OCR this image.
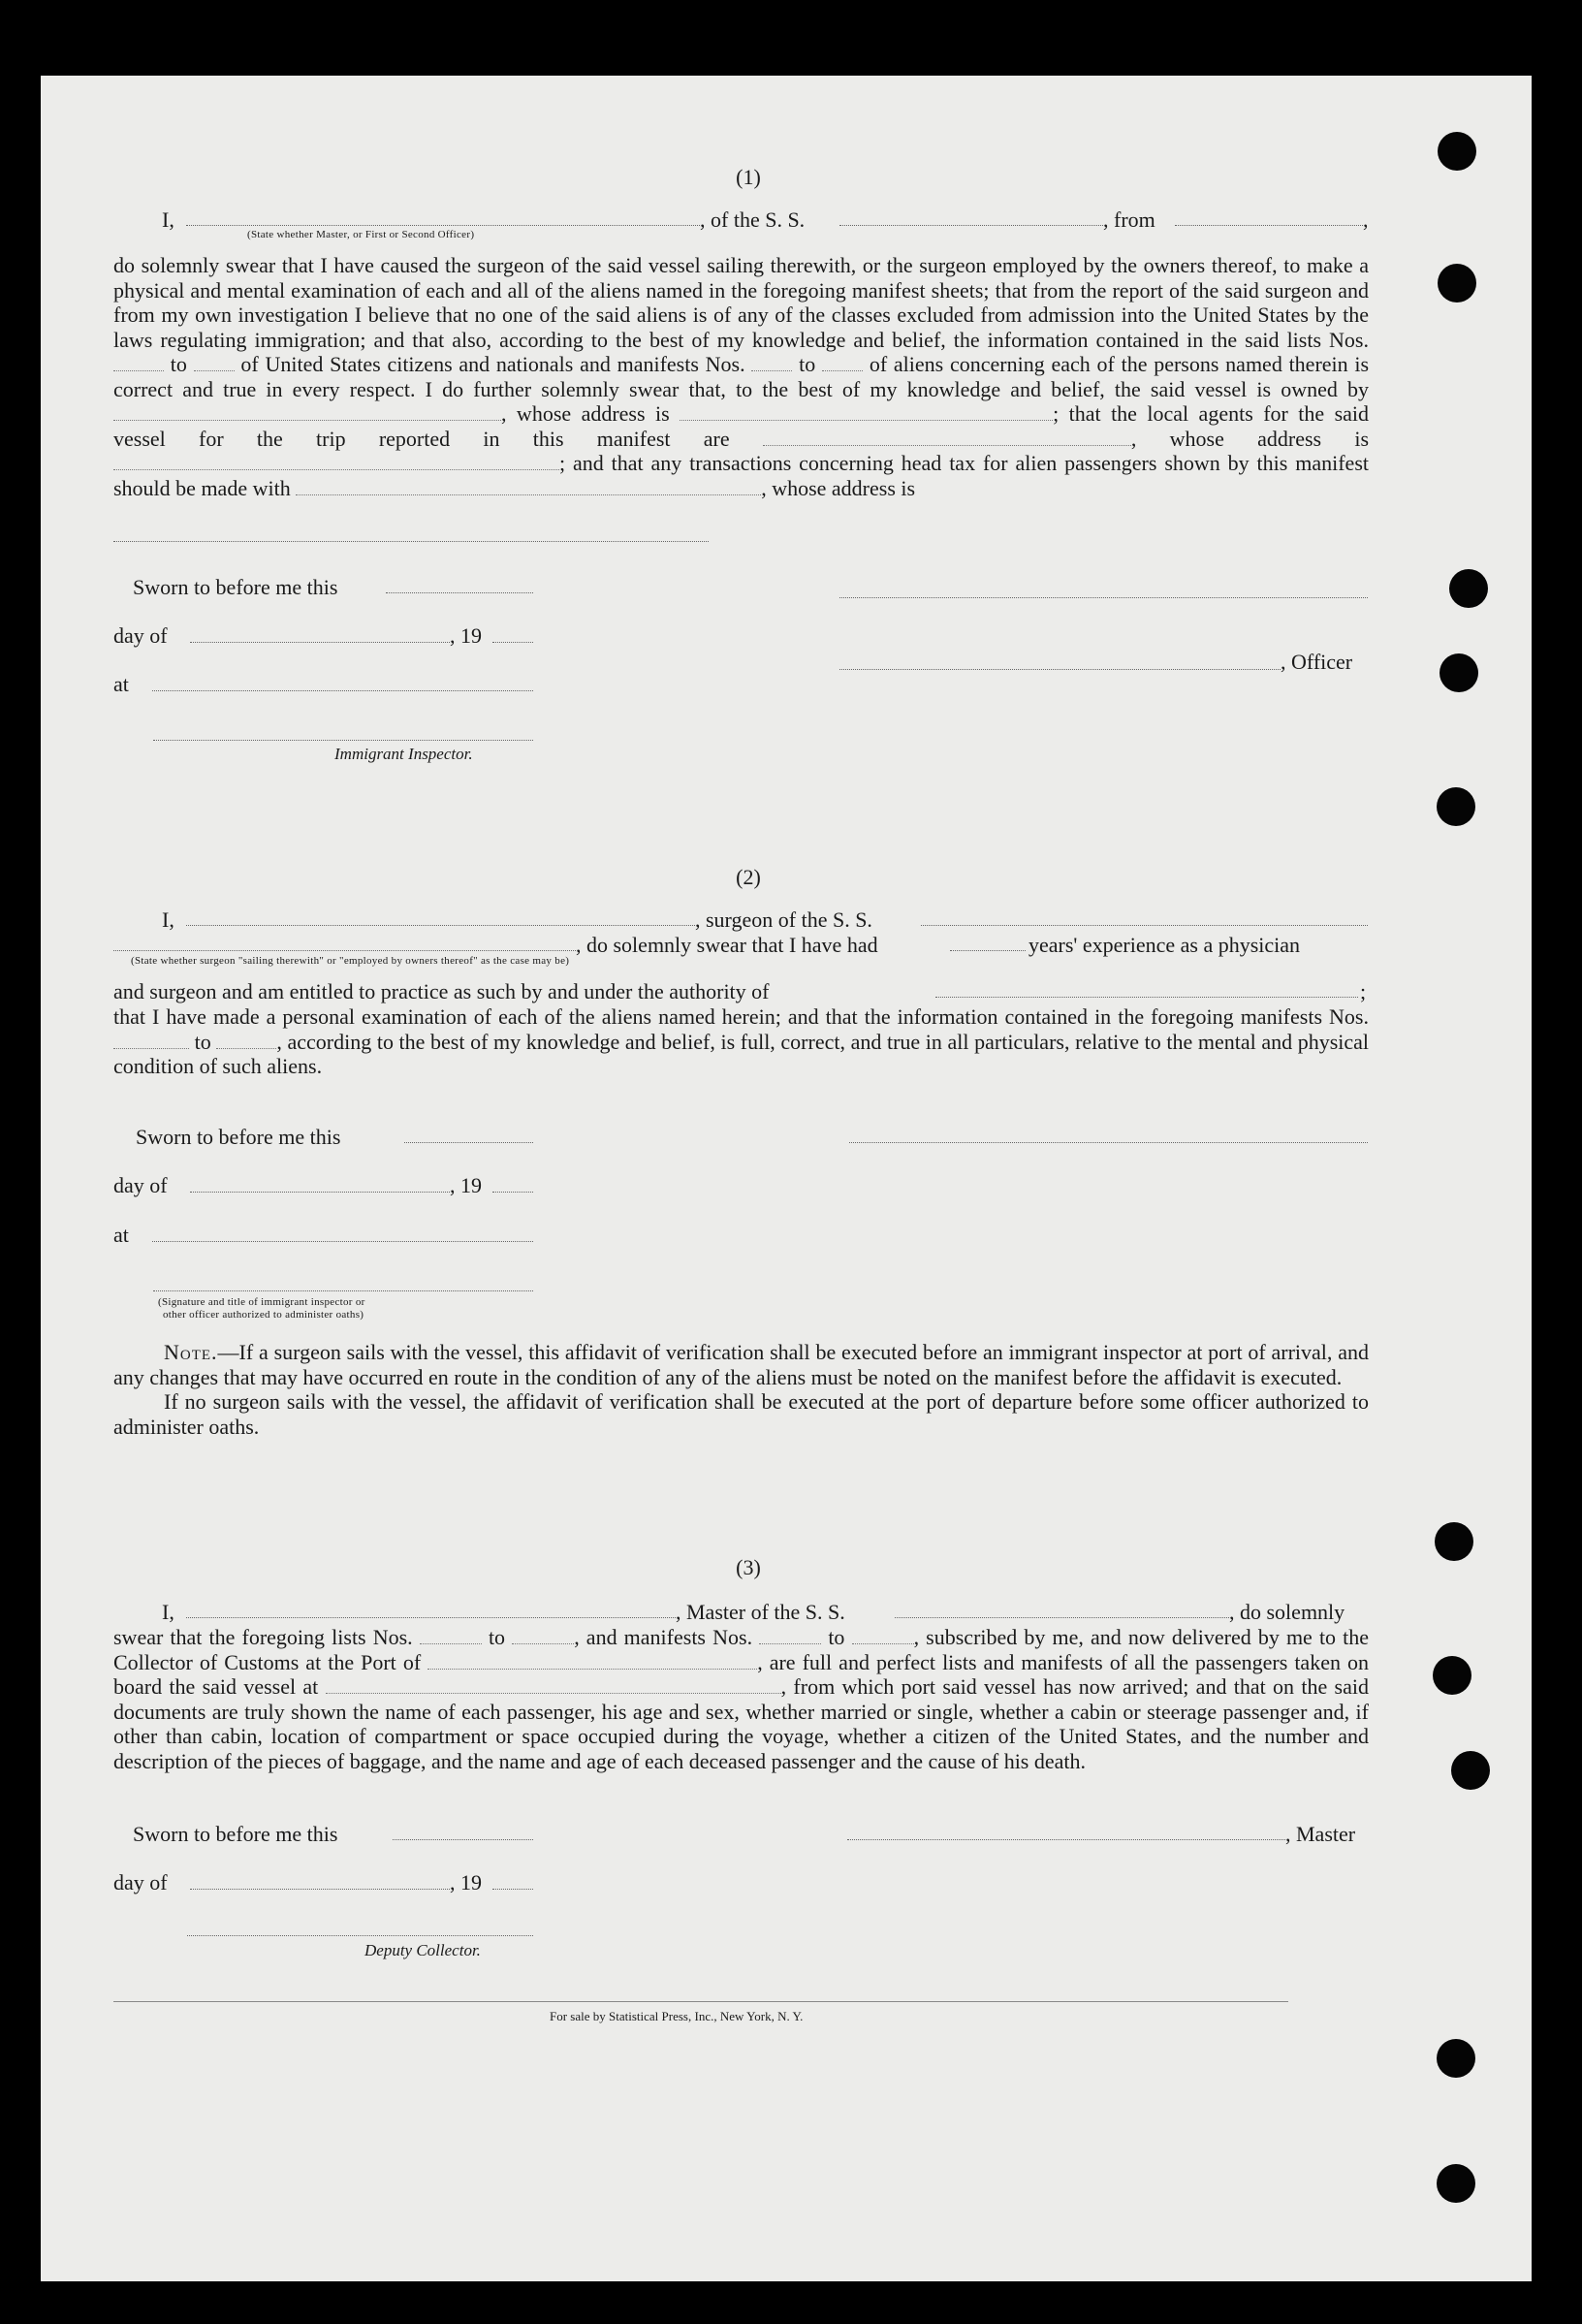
(1)
I,	, of the S. S.	, from	,
(State whether Master, or First or Second Officer)
do solemnly swear that I have caused the surgeon of the said vessel sailing therewith, or the surgeon employed by the owners thereof, to make a physical and mental examination of each and all of the aliens named in the foregoing manifest sheets; that from the report of the said surgeon and from my own investigation I believe that no one of the said aliens is of any of the classes excluded from admission into the United States by the laws regulating immigration; and that also, according to the best of my knowledge and belief, the information contained in the said lists Nos.  to	of United States citizens and nationals and manifests Nos.	to	of aliens concerning each of the persons named therein is correct and true in every respect. I do further solemnly swear that, to the best of my knowledge and belief, the said vessel is owned by , whose address is	; that the local agents for the said vessel for the trip reported in this manifest are	, whose address is ; and that any transactions concerning head tax for alien passengers shown by this manifest should be made with	, whose address is
Sworn to before me this
day of	, 19
, Officer
at
Immigrant Inspector.
(2)
I,	, surgeon of the S. S.
, do solemnly swear that I have had	years' experience as a physician
(State whether surgeon "sailing therewith" or "employed by owners thereof" as the case may be)
and surgeon and am entitled to practice as such by and under the authority of	;
that I have made a personal examination of each of the aliens named herein; and that the information contained in the foregoing manifests Nos.  to	, according to the best of my knowledge and belief, is full, correct, and true in all particulars, relative to the mental and physical condition of such aliens.
Sworn to before me this
day of	, 19
at
(Signature and title of immigrant inspector or
other officer authorized to administer oaths)

Note.—If a surgeon sails with the vessel, this affidavit of verification shall be executed before an immigrant inspector at port of arrival, and any changes that may have occurred en route in the condition of any of the aliens must be noted on the manifest before the affidavit is executed.

If no surgeon sails with the vessel, the affidavit of verification shall be executed at the port of departure before some officer authorized to administer oaths.

(3)
I,	, Master of the S. S.	, do solemnly
swear that the foregoing lists Nos.	to	, and manifests Nos.	to	, subscribed by me, and now delivered by me to the Collector of Customs at the Port of	, are full and perfect lists and manifests of all the passengers taken on board the said vessel at	, from which port said vessel has now arrived; and that on the said documents are truly shown the name of each passenger, his age and sex, whether married or single, whether a cabin or steerage passenger and, if other than cabin, location of compartment or space occupied during the voyage, whether a citizen of the United States, and the number and description of the pieces of baggage, and the name and age of each deceased passenger and the cause of his death.
Sworn to before me this	, Master
day of	, 19
Deputy Collector.
For sale by Statistical Press, Inc., New York, N. Y.
